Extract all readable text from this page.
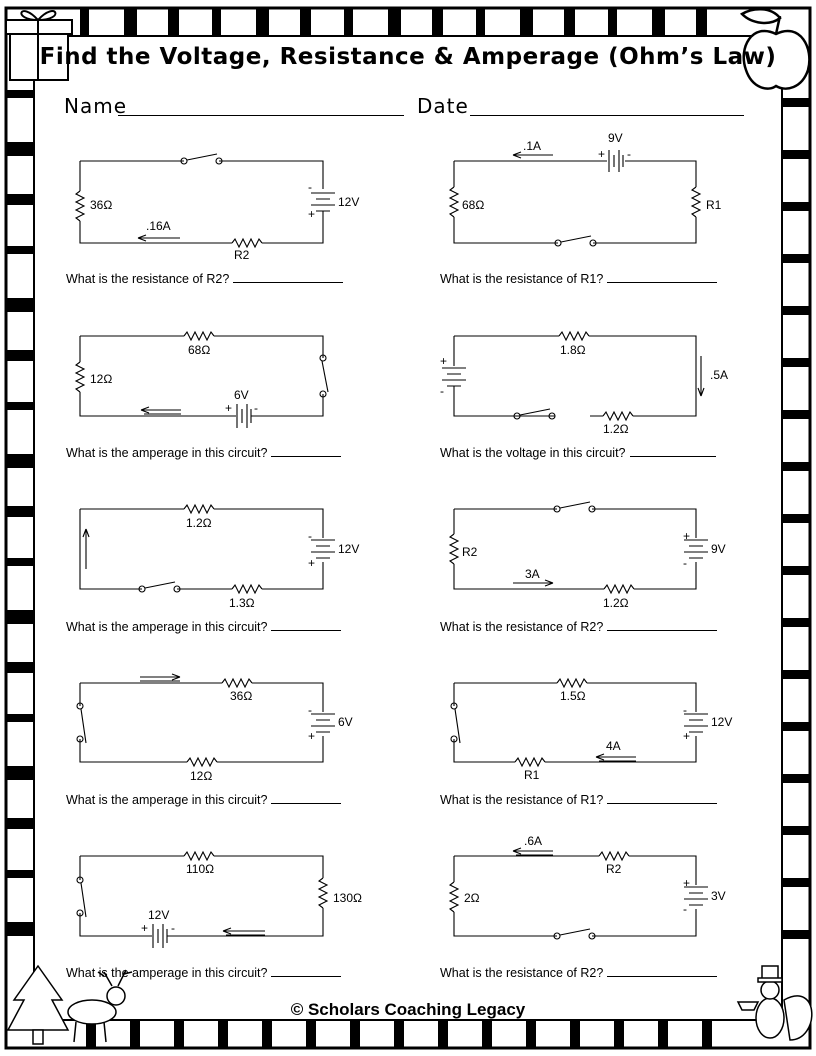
Find the Voltage, Resistance & Amperage (Ohm’s Law)
Name	Date
36Ω	12V
.16A
R2
-
+
.1A
9V
68Ω	R1
+ -
68Ω
12Ω
6V
+ -
1.8Ω
.5A
1.2Ω
+
-
1.2Ω
12V
1.3Ω
-
+
R2	9V
3A
1.2Ω
+
-
36Ω
6V
12Ω
-
+
1.5Ω
12V
4A
R1
-
+
110Ω
130Ω
12V
+ -
.6A
R2
2Ω	3V
+
-
What is the resistance of R2?	What is the resistance of R1?
What is the amperage in this circuit?	What is the voltage in this circuit?
What is the amperage in this circuit?	What is the resistance of R2?
What is the amperage in this circuit?	What is the resistance of R1?
What is the amperage in this circuit?	What is the resistance of R2?
© Scholars Coaching Legacy
